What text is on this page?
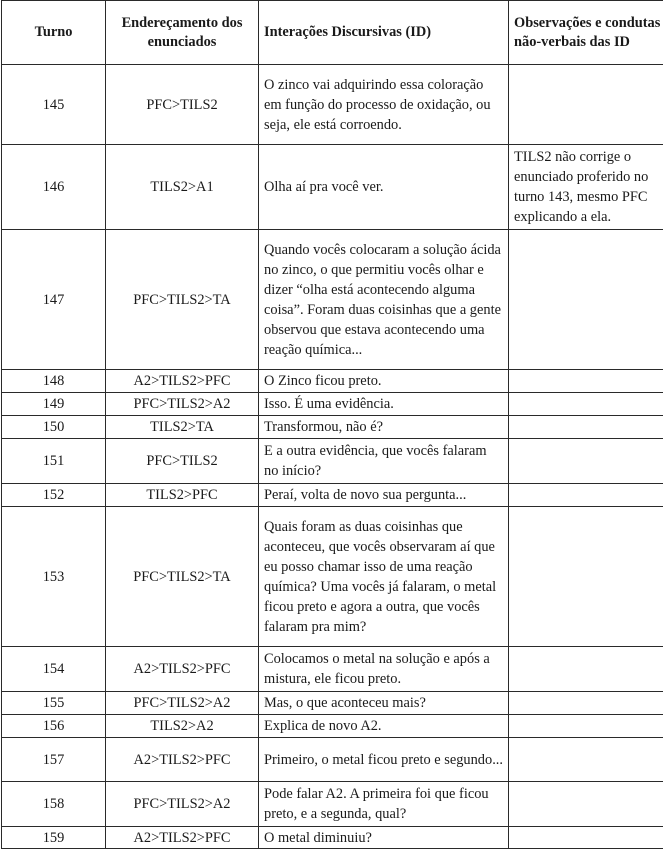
Turno	Endereçamento dos enunciados	Interações Discursivas (ID)	Observações e condutas não-verbais das ID
145	PFC>TILS2	O zinco vai adquirindo essa coloração em função do processo de oxidação, ou seja, ele está corroendo.	
146	TILS2>A1	Olha aí pra você ver.	TILS2 não corrige o enunciado proferido no turno 143, mesmo PFC explicando a ela.
147	PFC>TILS2>TA	Quando vocês colocaram a solução ácida no zinco, o que permitiu vocês olhar e dizer “olha está acontecendo alguma coisa”. Foram duas coisinhas que a gente observou que estava acontecendo uma reação química...	
148	A2>TILS2>PFC	O Zinco ficou preto.	
149	PFC>TILS2>A2	Isso. É uma evidência.	
150	TILS2>TA	Transformou, não é?	
151	PFC>TILS2	E a outra evidência, que vocês falaram no início?	
152	TILS2>PFC	Peraí, volta de novo sua pergunta...	
153	PFC>TILS2>TA	Quais foram as duas coisinhas que aconteceu, que vocês observaram aí que eu posso chamar isso de uma reação química? Uma vocês já falaram, o metal ficou preto e agora a outra, que vocês falaram pra mim?	
154	A2>TILS2>PFC	Colocamos o metal na solução e após a mistura, ele ficou preto.	
155	PFC>TILS2>A2	Mas, o que aconteceu mais?	
156	TILS2>A2	Explica de novo A2.	
157	A2>TILS2>PFC	Primeiro, o metal ficou preto e segundo...	
158	PFC>TILS2>A2	Pode falar A2. A primeira foi que ficou preto, e a segunda, qual?	
159	A2>TILS2>PFC	O metal diminuiu?	
